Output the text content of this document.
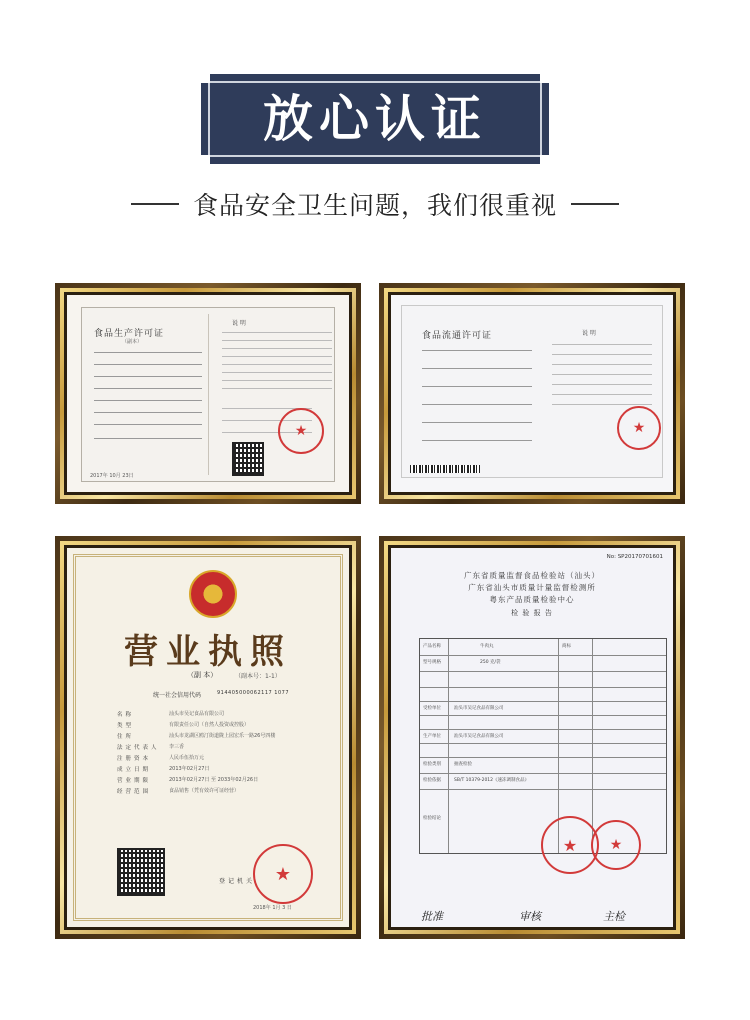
放心认证
食品安全卫生问题，我们很重视
食品生产许可证
（副本）
说 明
★
2017年 10月 23日
食品流通许可证	说 明
★
营业执照
（副 本）	（副本号：1-1）
统一社会信用代码	914405000062117 1077
名称	汕头市吴记食品有限公司
类型	有限责任公司（自然人投资或控股）
住所	汕头市龙湖区鸥汀街道陇上园宏乐一路26号四楼
法定代表人	李三香
注册资本	人民币伍拾万元
成立日期	2013年02月27日
营业期限	2013年02月27日 至 2033年02月26日
经营范围	食品销售（凭有效许可证经营）
登记机关	★
2018年 1月 3 日
No: SP20170701601
广东省质量监督食品检验站（汕头）
广东省汕头市质量计量监督检测所
粤东产品质量检验中心
检 验 报 告
产品名称	牛肉丸	商标
型号规格	250 克/袋
受检单位	汕头市吴记食品有限公司
生产单位	汕头市吴记食品有限公司
检验类别	抽查检验
检验依据	SB/T 10379-2012《速冻调制食品》
检验结论
★	★
批准	审核	主检
